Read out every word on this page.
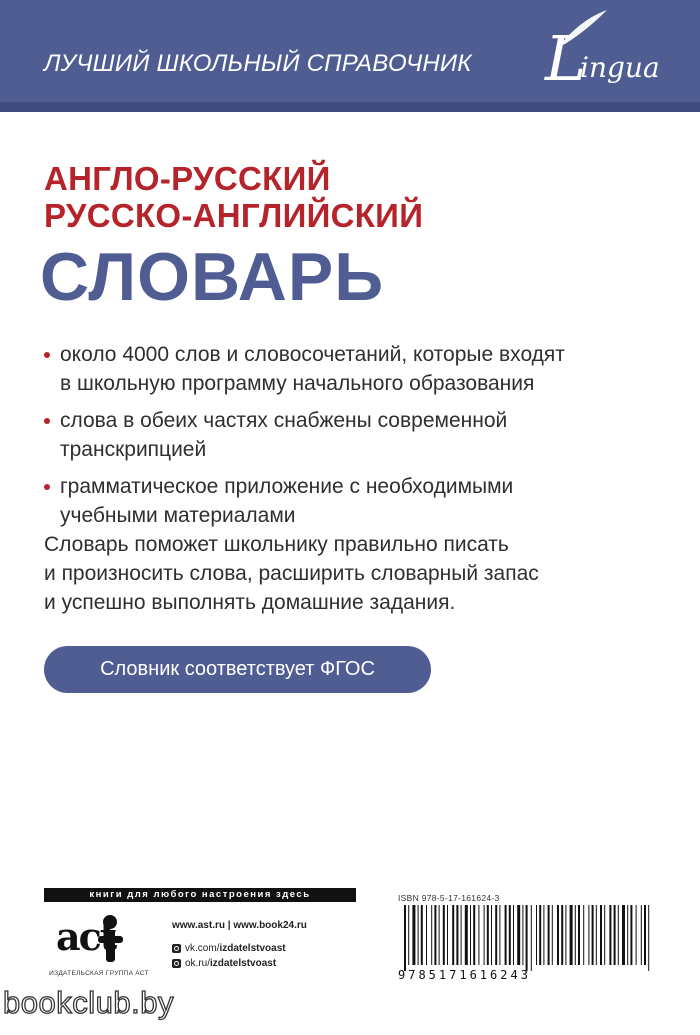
ЛУЧШИЙ ШКОЛЬНЫЙ СПРАВОЧНИК L
ingua
АНГЛО-РУССКИЙ
РУССКО-АНГЛИЙСКИЙ
СЛОВАРЬ
около 4000 слов и словосочетаний, которые входят
в школьную программу начального образования
слова в обеих частях снабжены современной
транскрипцией
грамматическое приложение с необходимыми
учебными материалами
Словарь поможет школьнику правильно писать
и произносить слова, расширить словарный запас
и успешно выполнять домашние задания.
Словник соответствует ФГОС
книги для любого настроения здесь
act
ИЗДАТЕЛЬСКАЯ ГРУППА АСТ
www.ast.ru | www.book24.ru
vk.com/ izdatelstvoast
ok.ru/ izdatelstvoast
ISBN 978-5-17-161624-3
9785171616243
bookclub.by
